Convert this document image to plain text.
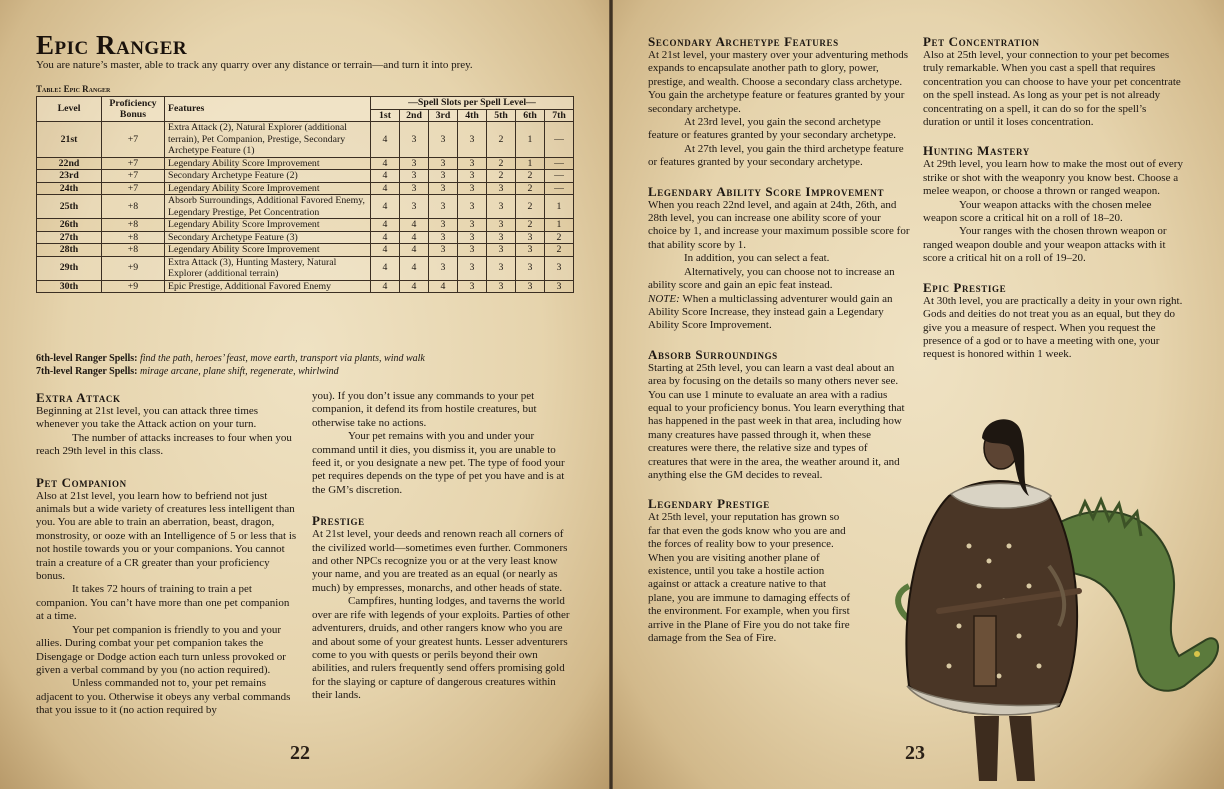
Epic Ranger
You are nature’s master, able to track any quarry over any distance or terrain—and turn it into prey.
Table: Epic Ranger
Level	Proficiency Bonus	Features	—Spell Slots per Spell Level—						
			1st	2nd	3rd	4th	5th	6th	7th
21st	+7	Extra Attack (2), Natural Explorer (additional terrain), Pet Companion, Prestige, Secondary Archetype Feature (1)	4	3	3	3	2	1	—
22nd	+7	Legendary Ability Score Improvement	4	3	3	3	2	1	—
23rd	+7	Secondary Archetype Feature (2)	4	3	3	3	2	2	—
24th	+7	Legendary Ability Score Improvement	4	3	3	3	3	2	—
25th	+8	Absorb Surroundings, Additional Favored Enemy, Legendary Prestige, Pet Concentration	4	3	3	3	3	2	1
26th	+8	Legendary Ability Score Improvement	4	4	3	3	3	2	1
27th	+8	Secondary Archetype Feature (3)	4	4	3	3	3	3	2
28th	+8	Legendary Ability Score Improvement	4	4	3	3	3	3	2
29th	+9	Extra Attack (3), Hunting Mastery, Natural Explorer (additional terrain)	4	4	3	3	3	3	3
30th	+9	Epic Prestige, Additional Favored Enemy	4	4	4	3	3	3	3
6th-level Ranger Spells: find the path, heroes’ feast, move earth, transport via plants, wind walk
7th-level Ranger Spells: mirage arcane, plane shift, regenerate, whirlwind
Extra Attack

Beginning at 21st level, you can attack three times whenever you take the Attack action on your turn.

The number of attacks increases to four when you reach 29th level in this class.

Pet Companion

Also at 21st level, you learn how to befriend not just animals but a wide variety of creatures less intelligent than you. You are able to train an aberration, beast, dragon, monstrosity, or ooze with an Intelligence of 5 or less that is not hostile towards you or your companions. You cannot train a creature of a CR greater than your proficiency bonus.

It takes 72 hours of training to train a pet companion. You can’t have more than one pet companion at a time.

Your pet companion is friendly to you and your allies. During combat your pet companion takes the Disengage or Dodge action each turn unless provoked or given a verbal command by you (no action required).

Unless commanded not to, your pet remains adjacent to you. Otherwise it obeys any verbal commands that you issue to it (no action required by

you). If you don’t issue any commands to your pet companion, it defend its from hostile creatures, but otherwise take no actions.

Your pet remains with you and under your command until it dies, you dismiss it, you are unable to feed it, or you designate a new pet. The type of food your pet requires depends on the type of pet you have and is at the GM’s discretion.

Prestige

At 21st level, your deeds and renown reach all corners of the civilized world—sometimes even further. Commoners and other NPCs recognize you or at the very least know your name, and you are treated as an equal (or nearly as much) by empresses, monarchs, and other heads of state.

Campfires, hunting lodges, and taverns the world over are rife with legends of your exploits. Parties of other adventurers, druids, and other rangers know who you are and about some of your greatest hunts. Lesser adventurers come to you with quests or perils beyond their own abilities, and rulers frequently send offers promising gold for the slaying or capture of dangerous creatures within their lands.

22
Secondary Archetype Features

At 21st level, your mastery over your adventuring methods expands to encapsulate another path to glory, power, prestige, and wealth. Choose a secondary class archetype. You gain the archetype feature or features granted by your secondary archetype.

At 23rd level, you gain the second archetype feature or features granted by your secondary archetype.

At 27th level, you gain the third archetype feature or features granted by your secondary archetype.

Legendary Ability Score Improvement

When you reach 22nd level, and again at 24th, 26th, and 28th level, you can increase one ability score of your choice by 1, and increase your maximum possible score for that ability score by 1.

In addition, you can select a feat.

Alternatively, you can choose not to increase an ability score and gain an epic feat instead.

NOTE: When a multiclassing adventurer would gain an Ability Score Increase, they instead gain a Legendary Ability Score Improvement.

Absorb Surroundings

Starting at 25th level, you can learn a vast deal about an area by focusing on the details so many others never see. You can use 1 minute to evaluate an area with a radius equal to your proficiency bonus. You learn everything that has happened in the past week in that area, including how many creatures have passed through it, when these creatures were there, the relative size and types of creatures that were in the area, the weather around it, and anything else the GM decides to reveal.

Legendary Prestige

At 25th level, your reputation has grown so far that even the gods know who you are and the forces of reality bow to your presence. When you are visiting another plane of existence, until you take a hostile action against or attack a creature native to that plane, you are immune to damaging effects of the environment. For example, when you first arrive in the Plane of Fire you do not take fire damage from the Sea of Fire.

Pet Concentration

Also at 25th level, your connection to your pet becomes truly remarkable. When you cast a spell that requires concentration you can choose to have your pet concentrate on the spell instead. As long as your pet is not already concentrating on a spell, it can do so for the spell’s duration or until it loses concentration.

Hunting Mastery

At 29th level, you learn how to make the most out of every strike or shot with the weaponry you know best. Choose a melee weapon, or choose a thrown or ranged weapon.

Your weapon attacks with the chosen melee weapon score a critical hit on a roll of 18–20.

Your ranges with the chosen thrown weapon or ranged weapon double and your weapon attacks with it score a critical hit on a roll of 19–20.

Epic Prestige

At 30th level, you are practically a deity in your own right. Gods and deities do not treat you as an equal, but they do give you a measure of respect. When you request the presence of a god or to have a meeting with one, your request is honored within 1 week.

23
